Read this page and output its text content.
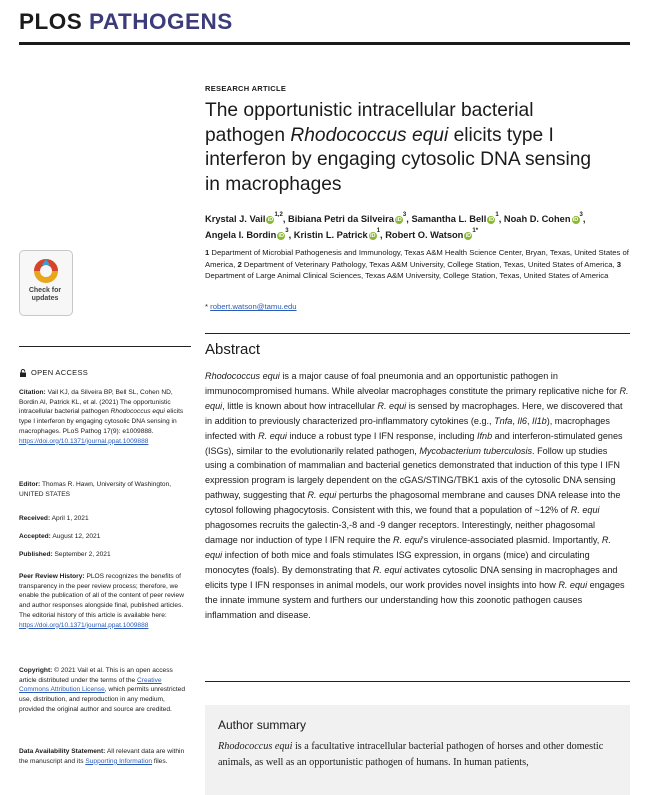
PLOS PATHOGENS
Check for
updates
RESEARCH ARTICLE
The opportunistic intracellular bacterial
pathogen Rhodococcus equi elicits type I
interferon by engaging cytosolic DNA sensing
in macrophages
Krystal J. Vail iD$^{1,2}$, Bibiana Petri da Silveira $iD^3$, Samantha L. Bell $iD^1$, Noah D. Cohen $iD^3$,
Angela I. Bordin $iD^3$, Kristin L. Patrick $iD^1$, Robert O. Watson $iD^{1*}$
1 Department of Microbial Pathogenesis and Immunology, Texas A&M Health Science Center, Bryan, Texas, United States of America, 2 Department of Veterinary Pathology, Texas A&M University, College Station, Texas, United States of America, 3 Department of Large Animal Clinical Sciences, Texas A&M University, College Station, Texas, United States of America
* robert.watson@tamu.edu
Abstract
Rhodococcus equi is a major cause of foal pneumonia and an opportunistic pathogen in immunocompromised humans. While alveolar macrophages constitute the primary replicative niche for R. equi, little is known about how intracellular R. equi is sensed by macrophages. Here, we discovered that in addition to previously characterized pro-inflammatory cytokines (e.g., Tnfa, Il6, Il1b), macrophages infected with R. equi induce a robust type I IFN response, including Ifnb and interferon-stimulated genes (ISGs), similar to the evolutionarily related pathogen, Mycobacterium tuberculosis. Follow up studies using a combination of mammalian and bacterial genetics demonstrated that induction of this type I IFN expression program is largely dependent on the cGAS/STING/TBK1 axis of the cytosolic DNA sensing pathway, suggesting that R. equi perturbs the phagosomal membrane and causes DNA release into the cytosol following phagocytosis. Consistent with this, we found that a population of ~12% of R. equi phagosomes recruits the galectin-3,-8 and -9 danger receptors. Interestingly, neither phagosomal damage nor induction of type I IFN require the R. equi's virulence-associated plasmid. Importantly, R. equi infection of both mice and foals stimulates ISG expression, in organs (mice) and circulating monocytes (foals). By demonstrating that R. equi activates cytosolic DNA sensing in macrophages and elicits type I IFN responses in animal models, our work provides novel insights into how R. equi engages the innate immune system and furthers our understanding how this zoonotic pathogen causes inflammation and disease.
Author summary
Rhodococcus equi is a facultative intracellular bacterial pathogen of horses and other domestic animals, as well as an opportunistic pathogen of humans. In human patients,
OPEN ACCESS
Citation: Vail KJ, da Silveira BP, Bell SL, Cohen ND, Bordin AI, Patrick KL, et al. (2021) The opportunistic intracellular bacterial pathogen Rhodococcus equi elicits type I interferon by engaging cytosolic DNA sensing in macrophages. PLoS Pathog 17(9): e1009888. https://doi.org/10.1371/journal.ppat.1009888
Editor: Thomas R. Hawn, University of Washington, UNITED STATES
Received: April 1, 2021
Accepted: August 12, 2021
Published: September 2, 2021
Peer Review History: PLOS recognizes the benefits of transparency in the peer review process; therefore, we enable the publication of all of the content of peer review and author responses alongside final, published articles. The editorial history of this article is available here: https://doi.org/10.1371/journal.ppat.1009888
Copyright: © 2021 Vail et al. This is an open access article distributed under the terms of the Creative Commons Attribution License, which permits unrestricted use, distribution, and reproduction in any medium, provided the original author and source are credited.
Data Availability Statement: All relevant data are within the manuscript and its Supporting Information files.
